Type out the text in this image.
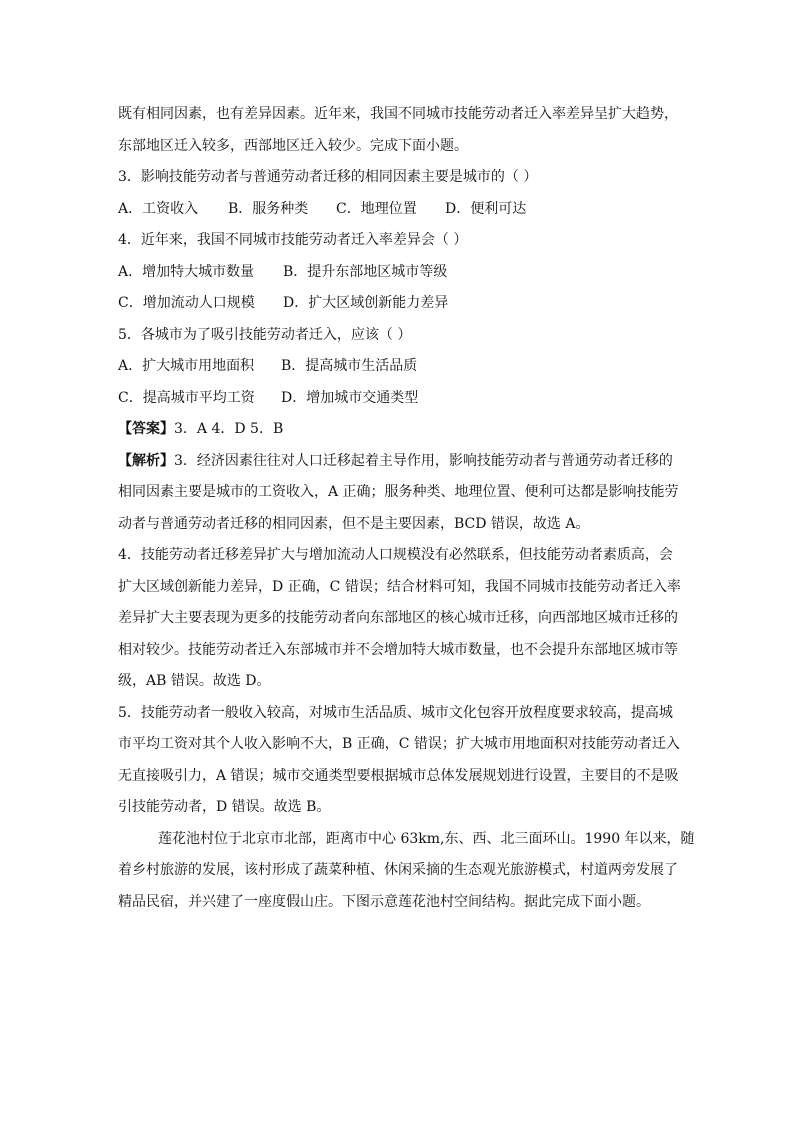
既有相同因素，也有差异因素。近年来，我国不同城市技能劳动者迁入率差异呈扩大趋势，

东部地区迁入较多，西部地区迁入较少。完成下面小题。

3．影响技能劳动者与普通劳动者迁移的相同因素主要是城市的（ ）

A．工资收入	B．服务种类	C．地理位置	D．便利可达

4．近年来，我国不同城市技能劳动者迁入率差异会（ ）

A．增加特大城市数量	B．提升东部地区城市等级
C．增加流动人口规模	D．扩大区域创新能力差异

5．各城市为了吸引技能劳动者迁入，应该（ ）

A．扩大城市用地面积	B．提高城市生活品质
C．提高城市平均工资	D．增加城市交通类型

【答案】3．A 4．D 5．B

【解析】3．经济因素往往对人口迁移起着主导作用，影响技能劳动者与普通劳动者迁移的

相同因素主要是城市的工资收入，A 正确；服务种类、地理位置、便利可达都是影响技能劳

动者与普通劳动者迁移的相同因素，但不是主要因素，BCD 错误，故选 A。

4．技能劳动者迁移差异扩大与增加流动人口规模没有必然联系，但技能劳动者素质高，会

扩大区域创新能力差异，D 正确，C 错误；结合材料可知，我国不同城市技能劳动者迁入率

差异扩大主要表现为更多的技能劳动者向东部地区的核心城市迁移，向西部地区城市迁移的

相对较少。技能劳动者迁入东部城市并不会增加特大城市数量，也不会提升东部地区城市等

级，AB 错误。故选 D。

5．技能劳动者一般收入较高，对城市生活品质、城市文化包容开放程度要求较高，提高城

市平均工资对其个人收入影响不大，B 正确，C 错误；扩大城市用地面积对技能劳动者迁入

无直接吸引力，A 错误；城市交通类型要根据城市总体发展规划进行设置，主要目的不是吸

引技能劳动者，D 错误。故选 B。

莲花池村位于北京市北部，距离市中心 63km,东、西、北三面环山。1990 年以来，随

着乡村旅游的发展，该村形成了蔬菜种植、休闲采摘的生态观光旅游模式，村道两旁发展了

精品民宿，并兴建了一座度假山庄。下图示意莲花池村空间结构。据此完成下面小题。
